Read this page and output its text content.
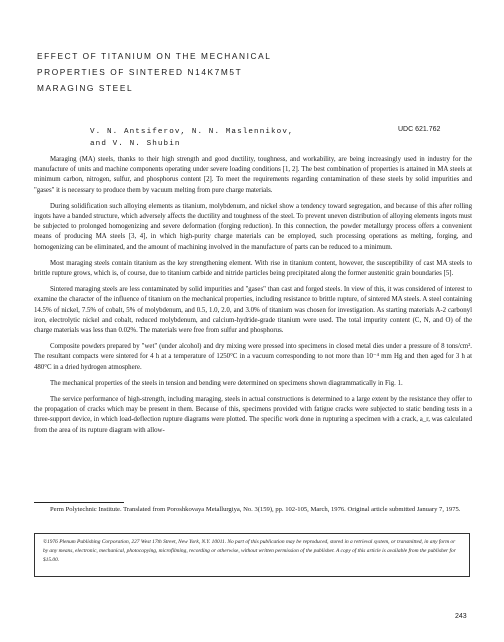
EFFECT OF TITANIUM ON THE MECHANICAL
PROPERTIES OF SINTERED N14K7M5T
MARAGING STEEL
V. N. Antsiferov, N. N. Maslennikov,
and V. N. Shubin
UDC 621.762

Maraging (MA) steels, thanks to their high strength and good ductility, toughness, and workability, are being increasingly used in industry for the manufacture of units and machine components operating under severe loading conditions [1, 2]. The best combination of properties is attained in MA steels at minimum carbon, nitrogen, sulfur, and phosphorus content [2]. To meet the requirements regarding contamination of these steels by solid impurities and "gases" it is necessary to produce them by vacuum melting from pure charge materials.

During solidification such alloying elements as titanium, molybdenum, and nickel show a tendency toward segregation, and because of this after rolling ingots have a banded structure, which adversely affects the ductility and toughness of the steel. To prevent uneven distribution of alloying elements ingots must be subjected to prolonged homogenizing and severe deformation (forging reduction). In this connection, the powder metallurgy process offers a convenient means of producing MA steels [3, 4], in which high-purity charge materials can be employed, such processing operations as melting, forging, and homogenizing can be eliminated, and the amount of machining involved in the manufacture of parts can be reduced to a minimum.

Most maraging steels contain titanium as the key strengthening element. With rise in titanium content, however, the susceptibility of cast MA steels to brittle rupture grows, which is, of course, due to titanium carbide and nitride particles being precipitated along the former austenitic grain boundaries [5].

Sintered maraging steels are less contaminated by solid impurities and "gases" than cast and forged steels. In view of this, it was considered of interest to examine the character of the influence of titanium on the mechanical properties, including resistance to brittle rupture, of sintered MA steels. A steel containing 14.5% of nickel, 7.5% of cobalt, 5% of molybdenum, and 0.5, 1.0, 2.0, and 3.0% of titanium was chosen for investigation. As starting materials A-2 carbonyl iron, electrolytic nickel and cobalt, reduced molybdenum, and calcium-hydride-grade titanium were used. The total impurity content (C, N, and O) of the charge materials was less than 0.02%. The materials were free from sulfur and phosphorus.

Composite powders prepared by "wet" (under alcohol) and dry mixing were pressed into specimens in closed metal dies under a pressure of 8 tons/cm². The resultant compacts were sintered for 4 h at a temperature of 1250°C in a vacuum corresponding to not more than 10⁻⁴ mm Hg and then aged for 3 h at 480°C in a dried hydrogen atmosphere.

The mechanical properties of the steels in tension and bending were determined on specimens shown diagrammatically in Fig. 1.

The service performance of high-strength, including maraging, steels in actual constructions is determined to a large extent by the resistance they offer to the propagation of cracks which may be present in them. Because of this, specimens provided with fatigue cracks were subjected to static bending tests in a three-support device, in which load-deflection rupture diagrams were plotted. The specific work done in rupturing a specimen with a crack, a_r, was calculated from the area of its rupture diagram with allow-

Perm Polytechnic Institute. Translated from Poroshkovaya Metallurgiya, No. 3(159), pp. 102-105, March, 1976. Original article submitted January 7, 1975.
©1976 Plenum Publishing Corporation, 227 West 17th Street, New York, N.Y. 10011. No part of this publication may be reproduced, stored in a retrieval system, or transmitted, in any form or by any means, electronic, mechanical, photocopying, microfilming, recording or otherwise, without written permission of the publisher. A copy of this article is available from the publisher for $15.00.
243
